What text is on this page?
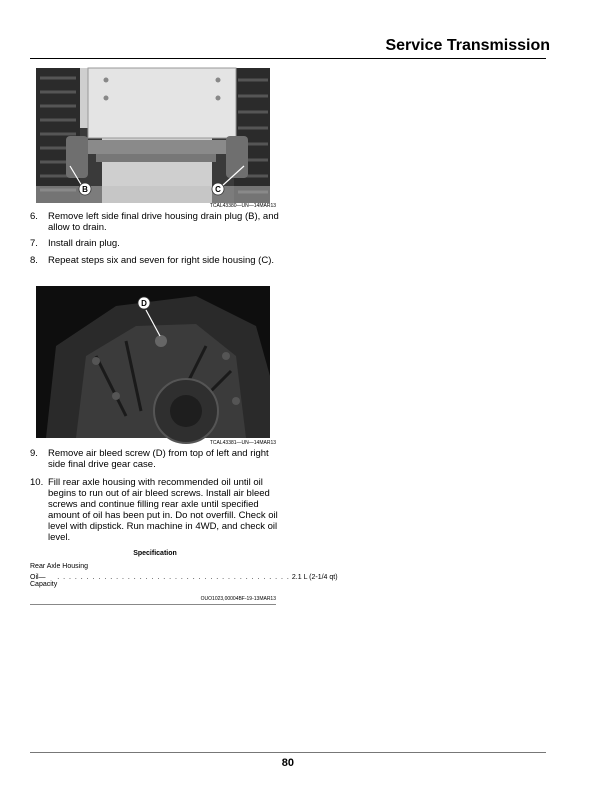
Service Transmission
B	C
TCAL43380—UN—14MAR13
6.	Remove left side final drive housing drain plug (B), and allow to drain.
7.	Install drain plug.
8.	Repeat steps six and seven for right side housing (C).
D
TCAL43381—UN—14MAR13
9.	Remove air bleed screw (D) from top of left and right side final drive gear case.
10. Fill rear axle housing with recommended oil until oil begins to run out of air bleed screws. Install air bleed screws and continue filling rear axle until specified amount of oil has been put in. Do not overfill. Check oil level with dipstick. Run machine in 4WD, and check oil level.
Specification
Rear Axle Housing
Oil—Capacity
. . . . . . . . . . . . . . . . . . . . . . . . . . . . . . . . . . . . . . . . 2.1 L (2-1/4 qt)
OUO1023,00004BF-19-13MAR13
80
